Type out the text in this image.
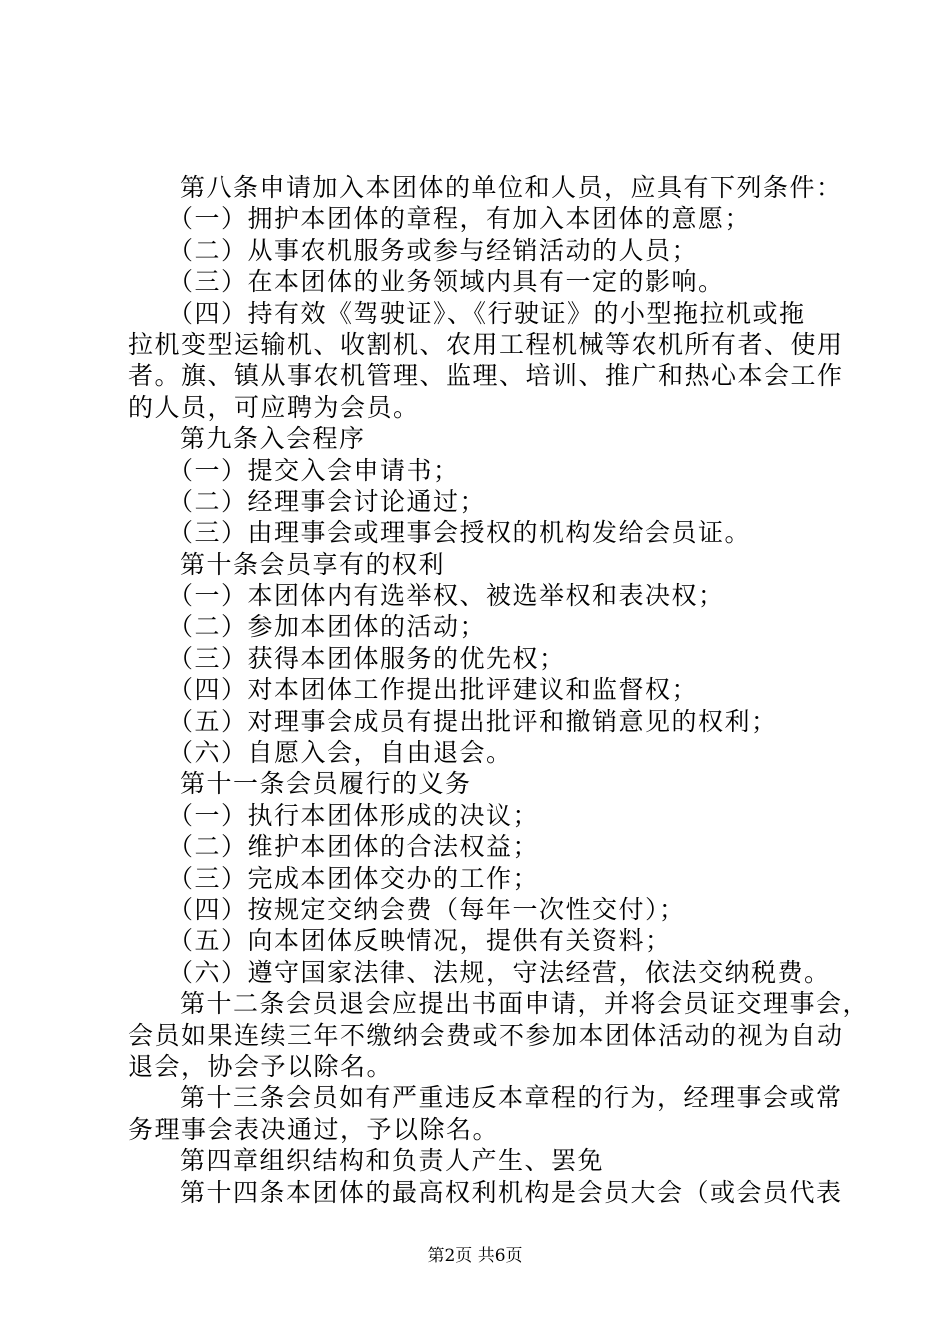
第八条申请加入本团体的单位和人员，应具有下列条件：
（一）拥护本团体的章程，有加入本团体的意愿；
（二）从事农机服务或参与经销活动的人员；
（三）在本团体的业务领域内具有一定的影响。
（四）持有效《驾驶证》、《行驶证》的小型拖拉机或拖
拉机变型运输机、收割机、农用工程机械等农机所有者、使用
者。旗、镇从事农机管理、监理、培训、推广和热心本会工作
的人员，可应聘为会员。
第九条入会程序
（一）提交入会申请书；
（二）经理事会讨论通过；
（三）由理事会或理事会授权的机构发给会员证。
第十条会员享有的权利
（一）本团体内有选举权、被选举权和表决权；
（二）参加本团体的活动；
（三）获得本团体服务的优先权；
（四）对本团体工作提出批评建议和监督权；
（五）对理事会成员有提出批评和撤销意见的权利；
（六）自愿入会，自由退会。
第十一条会员履行的义务
（一）执行本团体形成的决议；
（二）维护本团体的合法权益；
（三）完成本团体交办的工作；
（四）按规定交纳会费（每年一次性交付）；
（五）向本团体反映情况，提供有关资料；
（六）遵守国家法律、法规，守法经营，依法交纳税费。
第十二条会员退会应提出书面申请，并将会员证交理事会，
会员如果连续三年不缴纳会费或不参加本团体活动的视为自动
退会，协会予以除名。
第十三条会员如有严重违反本章程的行为，经理事会或常
务理事会表决通过，予以除名。
第四章组织结构和负责人产生、罢免
第十四条本团体的最高权利机构是会员大会（或会员代表
第2页 共6页
